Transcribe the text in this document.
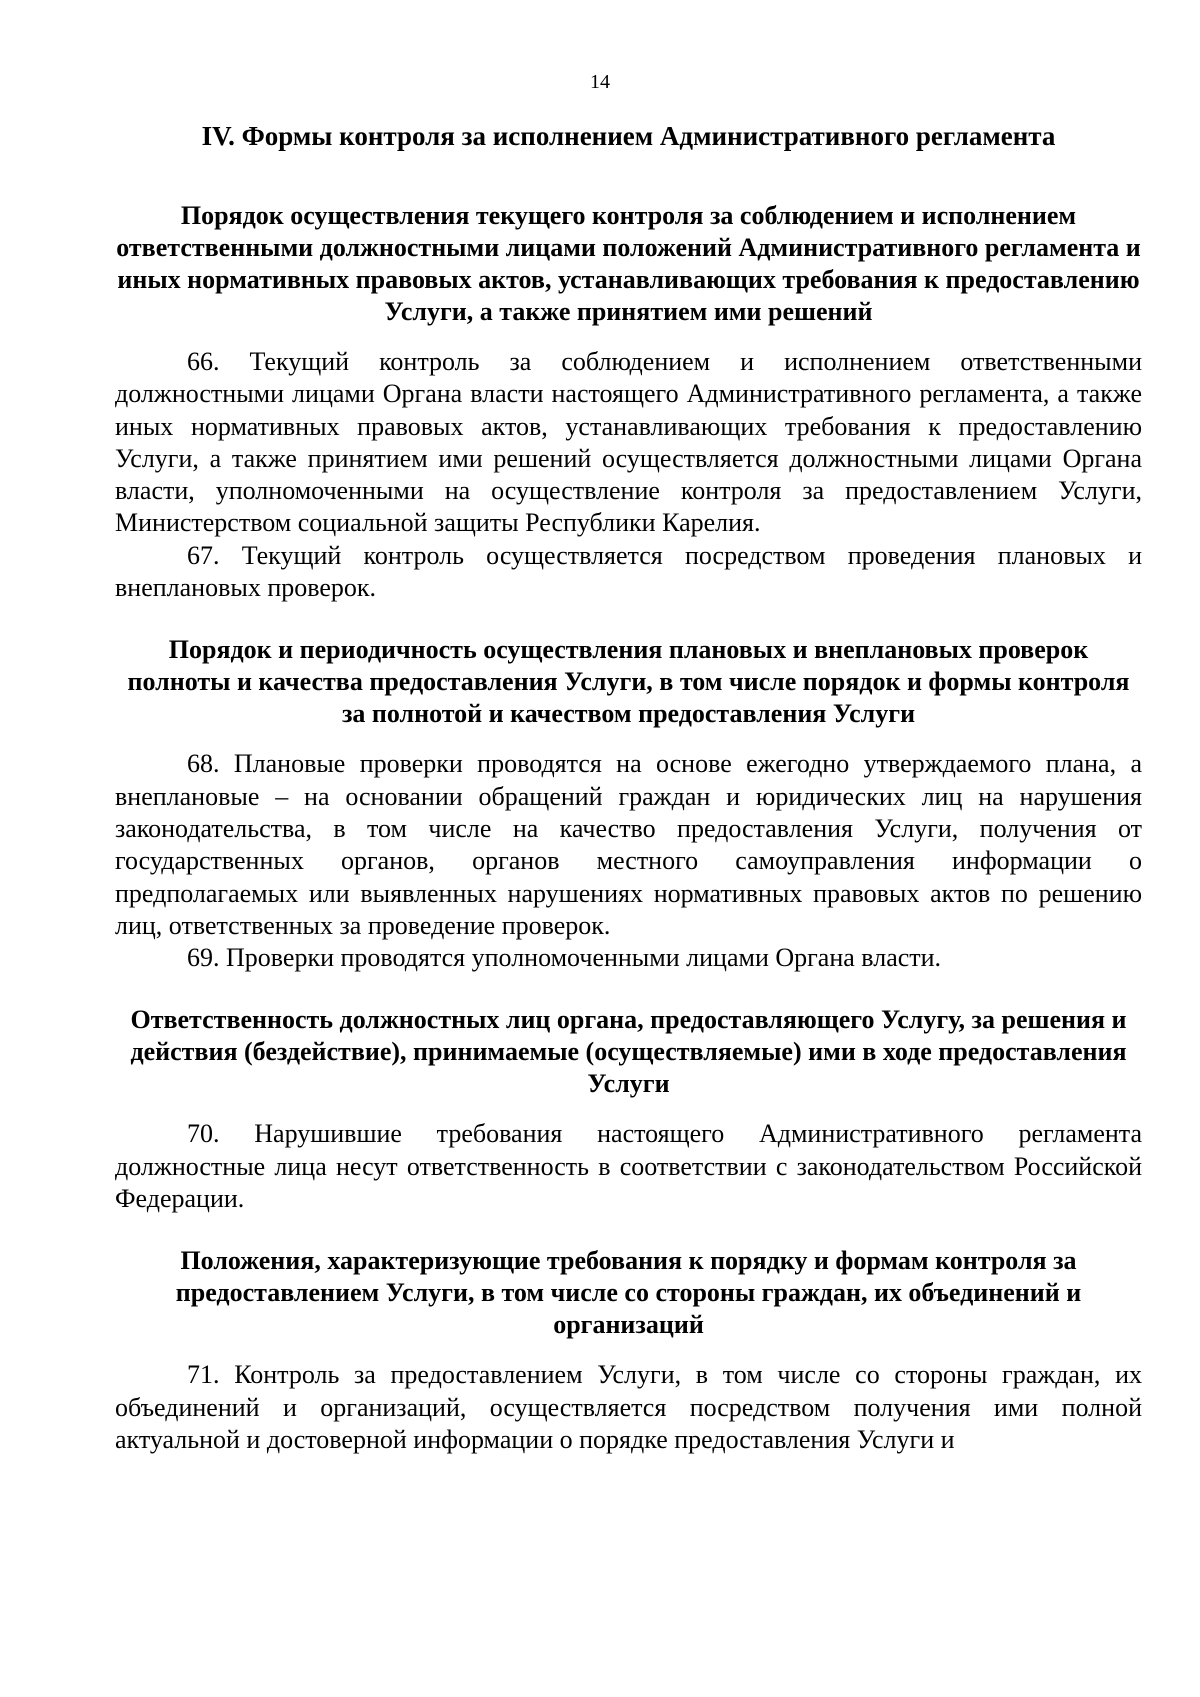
14
IV. Формы контроля за исполнением Административного регламента
Порядок осуществления текущего контроля за соблюдением и исполнением ответственными должностными лицами положений Административного регламента и иных нормативных правовых актов, устанавливающих требования к предоставлению Услуги, а также принятием ими решений

66. Текущий контроль за соблюдением и исполнением ответственными должностными лицами Органа власти настоящего Административного регламента, а также иных нормативных правовых актов, устанавливающих требования к предоставлению Услуги, а также принятием ими решений осуществляется должностными лицами Органа власти, уполномоченными на осуществление контроля за предоставлением Услуги, Министерством социальной защиты Республики Карелия.

67. Текущий контроль осуществляется посредством проведения плановых и внеплановых проверок.

Порядок и периодичность осуществления плановых и внеплановых проверок полноты и качества предоставления Услуги, в том числе порядок и формы контроля за полнотой и качеством предоставления Услуги

68. Плановые проверки проводятся на основе ежегодно утверждаемого плана, а внеплановые – на основании обращений граждан и юридических лиц на нарушения законодательства, в том числе на качество предоставления Услуги, получения от государственных органов, органов местного самоуправления информации о предполагаемых или выявленных нарушениях нормативных правовых актов по решению лиц, ответственных за проведение проверок.

69. Проверки проводятся уполномоченными лицами Органа власти.

Ответственность должностных лиц органа, предоставляющего Услугу, за решения и действия (бездействие), принимаемые (осуществляемые) ими в ходе предоставления Услуги

70. Нарушившие требования настоящего Административного регламента должностные лица несут ответственность в соответствии с законодательством Российской Федерации.

Положения, характеризующие требования к порядку и формам контроля за предоставлением Услуги, в том числе со стороны граждан, их объединений и организаций

71. Контроль за предоставлением Услуги, в том числе со стороны граждан, их объединений и организаций, осуществляется посредством получения ими полной актуальной и достоверной информации о порядке предоставления Услуги и
